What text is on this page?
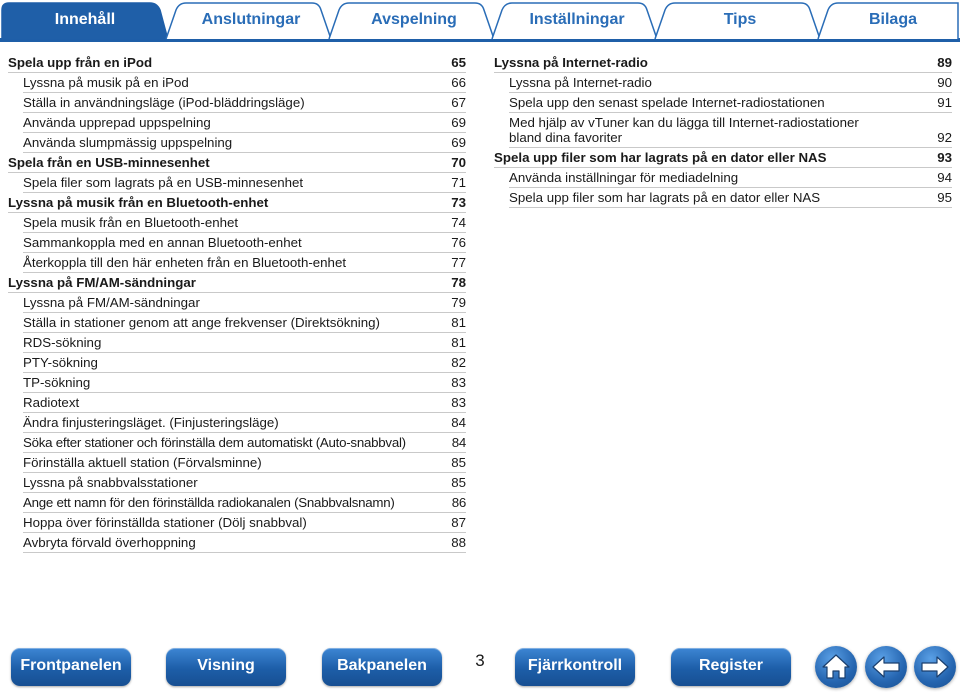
Innehåll	Anslutningar	Avspelning	Inställningar	Tips	Bilaga
Spela upp från en iPod	65
Lyssna på musik på en iPod	66
Ställa in användningsläge (iPod-bläddringsläge)	67
Använda upprepad uppspelning	69
Använda slumpmässig uppspelning	69
Spela från en USB-minnesenhet	70
Spela filer som lagrats på en USB-minnesenhet	71
Lyssna på musik från en Bluetooth-enhet	73
Spela musik från en Bluetooth-enhet	74
Sammankoppla med en annan Bluetooth-enhet	76
Återkoppla till den här enheten från en Bluetooth-enhet	77
Lyssna på FM/AM-sändningar	78
Lyssna på FM/AM-sändningar	79
Ställa in stationer genom att ange frekvenser (Direktsökning)	81
RDS-sökning	81
PTY-sökning	82
TP-sökning	83
Radiotext	83
Ändra finjusteringsläget. (Finjusteringsläge)	84
Söka efter stationer och förinställa dem automatiskt (Auto-snabbval)	84
Förinställa aktuell station (Förvalsminne)	85
Lyssna på snabbvalsstationer	85
Ange ett namn för den förinställda radiokanalen (Snabbvalsnamn)	86
Hoppa över förinställda stationer (Dölj snabbval)	87
Avbryta förvald överhoppning	88
Lyssna på Internet-radio	89
Lyssna på Internet-radio	90
Spela upp den senast spelade Internet-radiostationen	91
Med hjälp av vTuner kan du lägga till Internet-radiostationer
bland dina favoriter	92
Spela upp filer som har lagrats på en dator eller NAS	93
Använda inställningar för mediadelning	94
Spela upp filer som har lagrats på en dator eller NAS	95
Frontpanelen	Visning	Bakpanelen	3	Fjärrkontroll	Register
